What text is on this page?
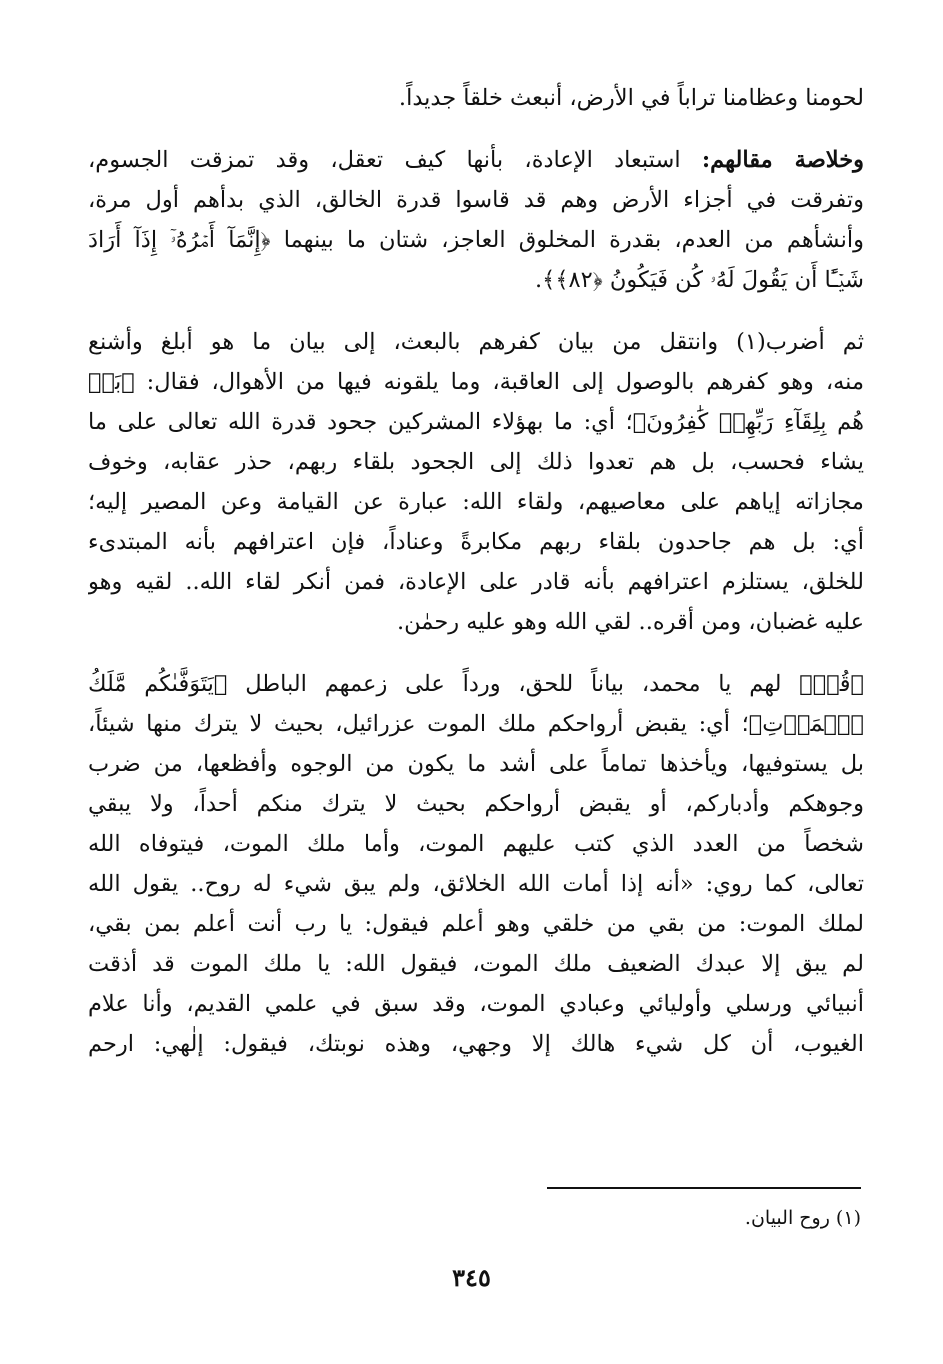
لحومنا وعظامنا تراباً في الأرض، أنبعث خلقاً جديداً.

وخلاصة مقالهم: استبعاد الإعادة، بأنها كيف تعقل، وقد تمزقت الجسوم،
وتفرقت في أجزاء الأرض وهم قد قاسوا قدرة الخالق، الذي بدأهم أول مرة،
وأنشأهم من العدم، بقدرة المخلوق العاجز، شتان ما بينهما ﴿إِنَّمَآ أَمۡرُهُۥٓ إِذَآ أَرَادَ
شَيۡـًٔا أَن يَقُولَ لَهُۥ كُن فَيَكُونُ ﴿٨٢﴾﴾.

ثم أضرب(١) وانتقل من بيان كفرهم بالبعث، إلى بيان ما هو أبلغ وأشنع
منه، وهو كفرهم بالوصول إلى العاقبة، وما يلقونه فيها من الأهوال، فقال: ﴿بَلۡ
هُم بِلِقَآءِ رَبِّهِمۡ كَٰفِرُونَ﴾؛ أي: ما بهؤلاء المشركين جحود قدرة الله تعالى على ما
يشاء فحسب، بل هم تعدوا ذلك إلى الجحود بلقاء ربهم، حذر عقابه، وخوف
مجازاته إياهم على معاصيهم، ولقاء الله: عبارة عن القيامة وعن المصير إليه؛
أي: بل هم جاحدون بلقاء ربهم مكابرةً وعناداً، فإن اعترافهم بأنه المبتدىء
للخلق، يستلزم اعترافهم بأنه قادر على الإعادة، فمن أنكر لقاء الله.. لقيه وهو
عليه غضبان، ومن أقره.. لقي الله وهو عليه رحمٰن.

﴿قُلۡ﴾ لهم يا محمد، بياناً للحق، ورداً على زعمهم الباطل ﴿يَتَوَفَّىٰكُم مَّلَكُ
ٱلۡمَوۡتِ﴾؛ أي: يقبض أرواحكم ملك الموت عزرائيل، بحيث لا يترك منها شيئاً،
بل يستوفيها، ويأخذها تماماً على أشد ما يكون من الوجوه وأفظعها، من ضرب
وجوهكم وأدباركم، أو يقبض أرواحكم بحيث لا يترك منكم أحداً، ولا يبقي
شخصاً من العدد الذي كتب عليهم الموت، وأما ملك الموت، فيتوفاه الله
تعالى، كما روي: «أنه إذا أمات الله الخلائق، ولم يبق شيء له روح.. يقول الله
لملك الموت: من بقي من خلقي وهو أعلم فيقول: يا رب أنت أعلم بمن بقي،
لم يبق إلا عبدك الضعيف ملك الموت، فيقول الله: يا ملك الموت قد أذقت
أنبيائي ورسلي وأوليائي وعبادي الموت، وقد سبق في علمي القديم، وأنا علام
الغيوب، أن كل شيء هالك إلا وجهي، وهذه نوبتك، فيقول: إلٰهي: ارحم

(١) روح البيان.
٣٤٥
